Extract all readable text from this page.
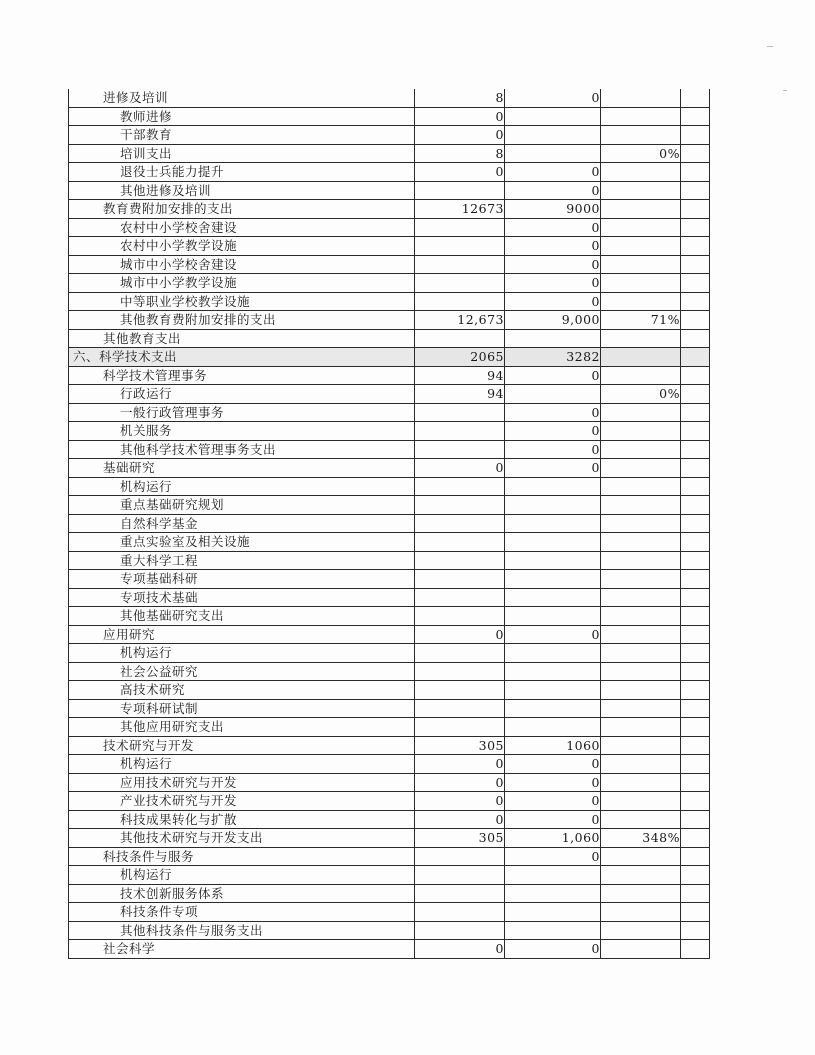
进修及培训	8	0		
教师进修	0			
干部教育	0			
培训支出	8		0%	
退役士兵能力提升	0	0		
其他进修及培训		0		
教育费附加安排的支出	12673	9000		
农村中小学校舍建设		0		
农村中小学教学设施		0		
城市中小学校舍建设		0		
城市中小学教学设施		0		
中等职业学校教学设施		0		
其他教育费附加安排的支出	12,673	9,000	71%	
其他教育支出				
六、科学技术支出	2065	3282		
科学技术管理事务	94	0		
行政运行	94		0%	
一般行政管理事务		0		
机关服务		0		
其他科学技术管理事务支出		0		
基础研究	0	0		
机构运行				
重点基础研究规划				
自然科学基金				
重点实验室及相关设施				
重大科学工程				
专项基础科研				
专项技术基础				
其他基础研究支出				
应用研究	0	0		
机构运行				
社会公益研究				
高技术研究				
专项科研试制				
其他应用研究支出				
技术研究与开发	305	1060		
机构运行	0	0		
应用技术研究与开发	0	0		
产业技术研究与开发	0	0		
科技成果转化与扩散	0	0		
其他技术研究与开发支出	305	1,060	348%	
科技条件与服务		0		
机构运行				
技术创新服务体系				
科技条件专项				
其他科技条件与服务支出				
社会科学	0	0		
